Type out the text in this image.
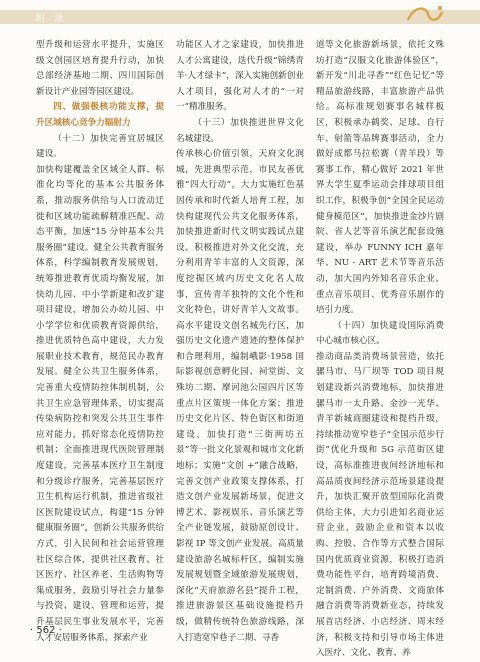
附 录

型升级和运营水平提升，实施区级文创园区培育提升行动，加快总部经济基地二期、四川国际创新设计产业园等园区建设。

四、做强极核功能支撑，提升区域核心竞争力辐射力

（十二）加快完善宜居城区建设。

加快构建覆盖全区域全人群、标准化均等化的基本公共服务体系，推动服务供给与人口流动迁徙和区域功能疏解精准匹配、动态平衡，加速“15 分钟基本公共服务圈”建设。健全公共教育服务体系，科学编制教育发展规划，统筹推进教育优质均衡发展，加快幼儿园、中小学新建和改扩建项目建设，增加公办幼儿园、中小学学位和优质教育资源供给，推进优质特色高中建设，大力发展职业技术教育，规范民办教育发展。健全公共卫生服务体系，完善重大疫情防控体制机制，公共卫生应急管理体系，切实提高传染病防控和突发公共卫生事件应对能力，抓好常态化疫情防控机制；全面推进现代医院管理制度建设，完善基本医疗卫生制度和分级诊疗服务，完善基层医疗卫生机构运行机制，推进省级社区医院建设试点，构建“15 分钟健康服务圈”，创新公共服务供给方式，引入民间和社会运营管理社区综合体，提供社区教育、社区医疗、社区养老、生活购物等集成服务，鼓励引导社会力量参与投资、建设、管理和运营，提升基层民生事业发展水平，完善人才安居服务体系，探索产业

功能区人才之家建设，加快推进人才公寓建设，迭代升级“锦绣青羊·人才绿卡”，深入实施创新创业人才项目，强化对人才的“一对一”精准服务。

（十三）加快推进世界文化名城建设。

传承核心价值引领，天府文化润城，先进典型示范，市民友善优雅“四大行动”，大力实施红色基因传承和时代新人培育工程，加快构建现代公共文化服务体系，加快推进新时代文明实践试点建设。积极推进对外文化交流，充分利用青羊丰富的人文资源，深度挖掘区域内历史文化名人故事，宣传青羊独特的文化个性和文化特色，讲好青羊人文故事。高水平建设文创名城先行区，加强历史文化遗产遗迹的整体保护和合理利用，编制峨影·1958 国际影视创意孵化园、祠堂街、文殊坊二期、摩诃池公园四片区等重点片区策规一体化方案；推进历史文化片区、特色街区和街道建设，加快打造“三街两坊五景”等一批文化景观和城市文化新地标；实施“文创 +”融合战略，完善文创产业政策支撑体系，打造文创产业发展新场景，促进文博艺术、影视娱乐、音乐演艺等全产业链发展，鼓励原创设计、影视 IP 等文创产业发展。高质量建设旅游名城标杆区，编制实施发展规划暨全域旅游发展规划，深化“天府旅游名县”提升工程，推进旅游景区基础设施提档升级，做精传统特色旅游线路，深入打造宽窄巷子二期、寻香

道等文化旅游新场景，依托文殊坊打造“汉服文化旅游体验区”，新开发“川北寻香”“红色记忆”等精品旅游线路，丰富旅游产品供给。高标准规划赛事名城样板区，积极承办鹤奖、足球、自行车、射箭等品牌赛事活动，全力做好成都马拉松赛（青羊段）等赛事工作，精心做好 2021 年世界大学生夏季运动会排球项目组织工作，积极争创“全国全民运动健身模范区”，加快推进金沙片剧院、省人艺等音乐演艺配套设施建设，举办 FUNNY ICH 嘉年华、NU - ART 艺术节等音乐活动，加大国内外知名音乐企业、重点音乐项目、优秀音乐剧作的培引力度。

（十四）加快建设国际消费中心城市核心区。

推动商品类消费场景营造，依托骡马市、马厂坝等 TOD 项目规划建设新兴消费地标，加快推进骡马市一太升路、金沙一光华、青羊新城商圈建设和提档升级，持续推动宽窄巷子“全国示范步行街”优化升级和 5G 示范街区建设，高标准推进夜间经济地标和高品质夜间经济示范场景建设提升，加快汇聚开放型国际化消费供给主体，大力引进知名商业运营企业，鼓励企业和资本以收购、控股、合作等方式整合国际国内优质商业资源，积极打造消费功能性平台，培育跨境消费、定制消费、户外消费、文商旅体融合消费等消费新业态，持续发展首店经济、小店经济、周末经济，积极支持和引导市场主体进入医疗、文化、教育、养

· 562 ·
